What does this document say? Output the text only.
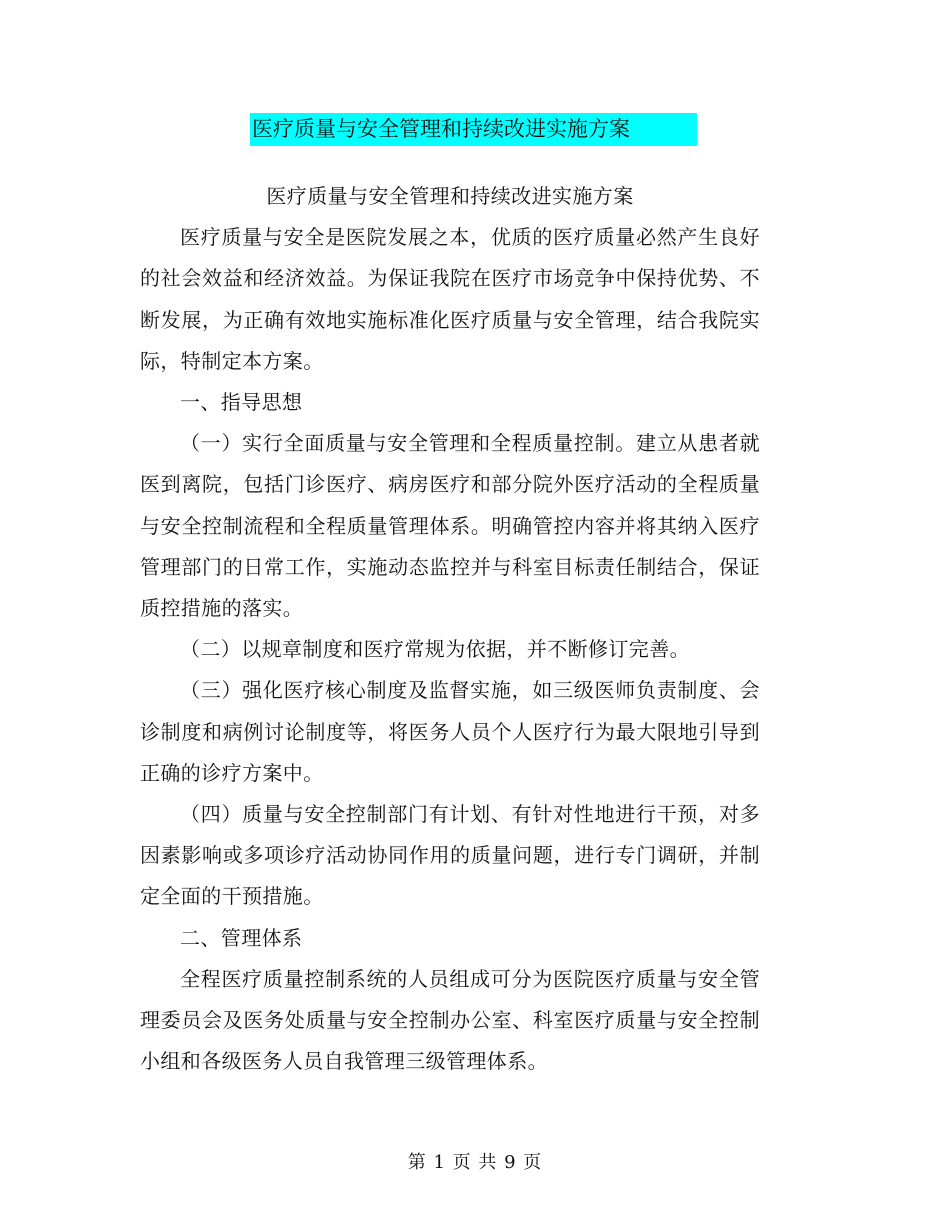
医疗质量与安全管理和持续改进实施方案

医疗质量与安全管理和持续改进实施方案

医疗质量与安全是医院发展之本，优质的医疗质量必然产生良好的社会效益和经济效益。为保证我院在医疗市场竞争中保持优势、不断发展，为正确有效地实施标准化医疗质量与安全管理，结合我院实际，特制定本方案。

一、指导思想

（一）实行全面质量与安全管理和全程质量控制。建立从患者就医到离院，包括门诊医疗、病房医疗和部分院外医疗活动的全程质量与安全控制流程和全程质量管理体系。明确管控内容并将其纳入医疗管理部门的日常工作，实施动态监控并与科室目标责任制结合，保证质控措施的落实。

（二）以规章制度和医疗常规为依据，并不断修订完善。

（三）强化医疗核心制度及监督实施，如三级医师负责制度、会诊制度和病例讨论制度等，将医务人员个人医疗行为最大限地引导到正确的诊疗方案中。

（四）质量与安全控制部门有计划、有针对性地进行干预，对多因素影响或多项诊疗活动协同作用的质量问题，进行专门调研，并制定全面的干预措施。

二、管理体系

全程医疗质量控制系统的人员组成可分为医院医疗质量与安全管理委员会及医务处质量与安全控制办公室、科室医疗质量与安全控制小组和各级医务人员自我管理三级管理体系。

第 1 页 共 9 页
